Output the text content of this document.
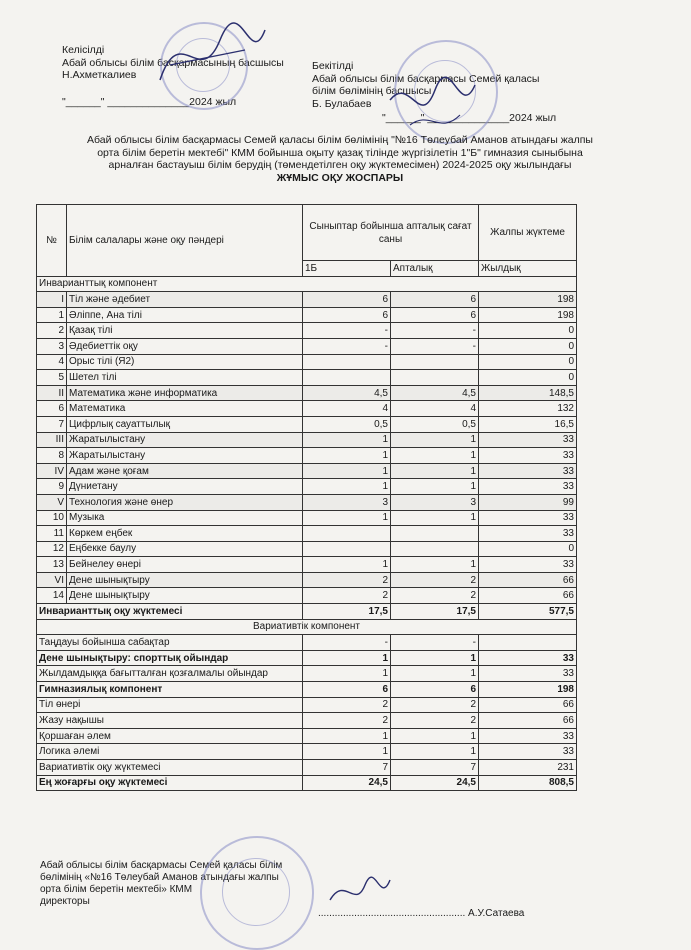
Келісілді
Абай облысы білім басқармасының басшысы
Н.Ахметкалиев
"______" ______________2024 жыл
Бекітілді
Абай облысы білім басқармасы Семей қаласы
білім бөлімінің басшысы
Б. Булабаев
"______" ______________2024 жыл
Абай облысы білім басқармасы Семей қаласы білім бөлімінің "№16 Төлеубай Аманов атындағы жалпы
орта білім беретін мектебі" КММ бойынша оқыту қазақ тілінде жүргізілетін 1"Б" гимназия сыныбына
арналған бастауыш білім берудің (төмендетілген оқу жүктемесімен) 2024-2025 оқу жылындағы
ЖҰМЫС ОҚУ ЖОСПАРЫ
№	Білім салалары және оқу пәндері	Сыныптар бойынша апталық сағат саны		Жалпы жүктеме
		1Б	Апталық	Жылдық
Инварианттық компонент				
I	Тіл және әдебиет	6	6	198
1	Әліппе, Ана тілі	6	6	198
2	Қазақ тілі	-	-	0
3	Әдебиеттік оқу	-	-	0
4	Орыс тілі (Я2)			0
5	Шетел тілі			0
II	Математика және информатика	4,5	4,5	148,5
6	Математика	4	4	132
7	Цифрлық сауаттылық	0,5	0,5	16,5
III	Жаратылыстану	1	1	33
8	Жаратылыстану	1	1	33
IV	Адам және қоғам	1	1	33
9	Дүниетану	1	1	33
V	Технология және өнер	3	3	99
10	Музыка	1	1	33
11	Көркем еңбек			33
12	Еңбекке баулу			0
13	Бейнелеу өнері	1	1	33
VI	Дене шынықтыру	2	2	66
14	Дене шынықтыру	2	2	66
Инварианттық оқу жүктемесі		17,5	17,5	577,5
Вариативтік компонент				
Таңдауы бойынша сабақтар		-	-	
Дене шынықтыру: спорттық ойындар		1	1	33
Жылдамдыққа бағытталған қозғалмалы ойындар		1	1	33
Гимназиялық компонент		6	6	198
Тіл өнері		2	2	66
Жазу нақышы		2	2	66
Қоршаған әлем		1	1	33
Логика әлемі		1	1	33
Вариативтік оқу жүктемесі		7	7	231
Ең жоғарғы оқу жүктемесі		24,5	24,5	808,5
Абай облысы білім басқармасы Семей қаласы білім
бөлімінің «№16 Төлеубай Аманов атындағы жалпы
орта білім беретін мектебі» КММ
директоры
..................................................... А.У.Сатаева
